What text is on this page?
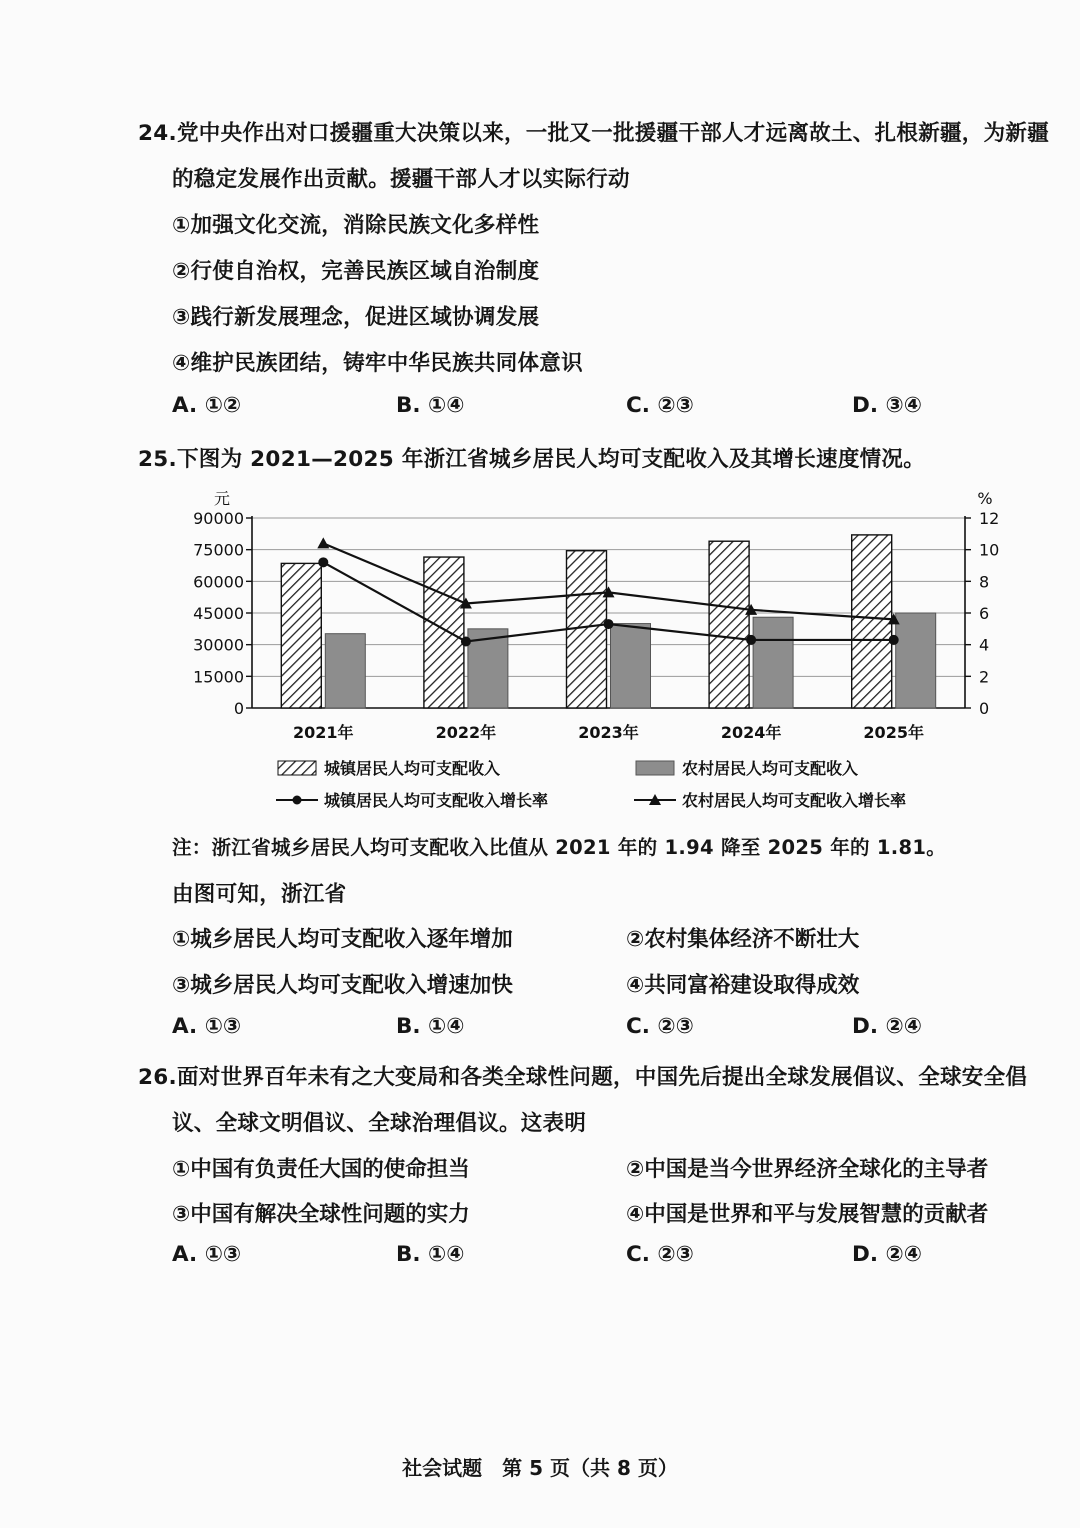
24.党中央作出对口援疆重大决策以来，一批又一批援疆干部人才远离故土、扎根新疆，为新疆
的稳定发展作出贡献。援疆干部人才以实际行动
①加强文化交流，消除民族文化多样性
②行使自治权，完善民族区域自治制度
③践行新发展理念，促进区域协调发展
④维护民族团结，铸牢中华民族共同体意识
A. ①②	B. ①④	C. ②③	D. ③④
25.下图为 2021—2025 年浙江省城乡居民人均可支配收入及其增长速度情况。
0
15000
30000
45000
60000
75000
90000
0
2
4
6
8
10
12
元	%
2021年	2022年	2023年	2024年	2025年
城镇居民人均可支配收入	农村居民人均可支配收入
城镇居民人均可支配收入增长率	农村居民人均可支配收入增长率
注：浙江省城乡居民人均可支配收入比值从 2021 年的 1.94 降至 2025 年的 1.81。
由图可知，浙江省
①城乡居民人均可支配收入逐年增加	②农村集体经济不断壮大
③城乡居民人均可支配收入增速加快	④共同富裕建设取得成效
A. ①③	B. ①④	C. ②③	D. ②④
26.面对世界百年未有之大变局和各类全球性问题，中国先后提出全球发展倡议、全球安全倡
议、全球文明倡议、全球治理倡议。这表明
①中国有负责任大国的使命担当	②中国是当今世界经济全球化的主导者
③中国有解决全球性问题的实力	④中国是世界和平与发展智慧的贡献者
A. ①③	B. ①④	C. ②③	D. ②④
社会试题　第 5 页（共 8 页）
